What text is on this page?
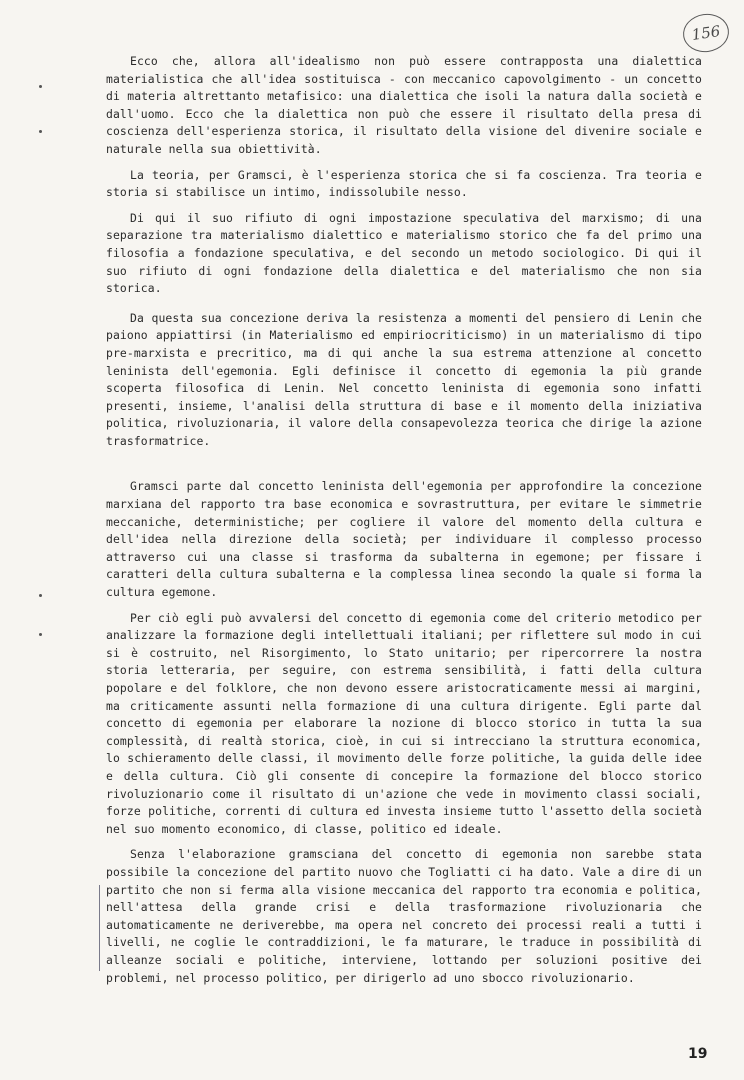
156

Ecco che, allora all'idealismo non può essere contrapposta una dialettica materialistica che all'idea sostituisca - con meccanico capovolgimento - un concetto di materia altrettanto metafisico: una dialettica che isoli la natura dalla società e dall'uomo. Ecco che la dialettica non può che essere il risultato della presa di coscienza dell'esperienza storica, il risultato della visione del divenire sociale e naturale nella sua obiettività.

La teoria, per Gramsci, è l'esperienza storica che si fa coscienza. Tra teoria e storia si stabilisce un intimo, indissolubile nesso.

Di qui il suo rifiuto di ogni impostazione speculativa del marxismo; di una separazione tra materialismo dialettico e materialismo storico che fa del primo una filosofia a fondazione speculativa, e del secondo un metodo sociologico. Di qui il suo rifiuto di ogni fondazione della dialettica e del materialismo che non sia storica.

Da questa sua concezione deriva la resistenza a momenti del pensiero di Lenin che paiono appiattirsi (in Materialismo ed empiriocriticismo) in un materialismo di tipo pre-marxista e precritico, ma di qui anche la sua estrema attenzione al concetto leninista dell'egemonia. Egli definisce il concetto di egemonia la più grande scoperta filosofica di Lenin. Nel concetto leninista di egemonia sono infatti presenti, insieme, l'analisi della struttura di base e il momento della iniziativa politica, rivoluzionaria, il valore della consapevolezza teorica che dirige la azione trasformatrice.

Gramsci parte dal concetto leninista dell'egemonia per approfondire la concezione marxiana del rapporto tra base economica e sovrastruttura, per evitare le simmetrie meccaniche, deterministiche; per cogliere il valore del momento della cultura e dell'idea nella direzione della società; per individuare il complesso processo attraverso cui una classe si trasforma da subalterna in egemone; per fissare i caratteri della cultura subalterna e la complessa linea secondo la quale si forma la cultura egemone.

Per ciò egli può avvalersi del concetto di egemonia come del criterio metodico per analizzare la formazione degli intellettuali italiani; per riflettere sul modo in cui si è costruito, nel Risorgimento, lo Stato unitario; per ripercorrere la nostra storia letteraria, per seguire, con estrema sensibilità, i fatti della cultura popolare e del folklore, che non devono essere aristocraticamente messi ai margini, ma criticamente assunti nella formazione di una cultura dirigente. Egli parte dal concetto di egemonia per elaborare la nozione di blocco storico in tutta la sua complessità, di realtà storica, cioè, in cui si intrecciano la struttura economica, lo schieramento delle classi, il movimento delle forze politiche, la guida delle idee e della cultura. Ciò gli consente di concepire la formazione del blocco storico rivoluzionario come il risultato di un'azione che vede in movimento classi sociali, forze politiche, correnti di cultura ed investa insieme tutto l'assetto della società nel suo momento economico, di classe, politico ed ideale.

Senza l'elaborazione gramsciana del concetto di egemonia non sarebbe stata possibile la concezione del partito nuovo che Togliatti ci ha dato. Vale a dire di un partito che non si ferma alla visione meccanica del rapporto tra economia e politica, nell'attesa della grande crisi e della trasformazione rivoluzionaria che automaticamente ne deriverebbe, ma opera nel concreto dei processi reali a tutti i livelli, ne coglie le contraddizioni, le fa maturare, le traduce in possibilità di alleanze sociali e politiche, interviene, lottando per soluzioni positive dei problemi, nel processo politico, per dirigerlo ad uno sbocco rivoluzionario.

19
